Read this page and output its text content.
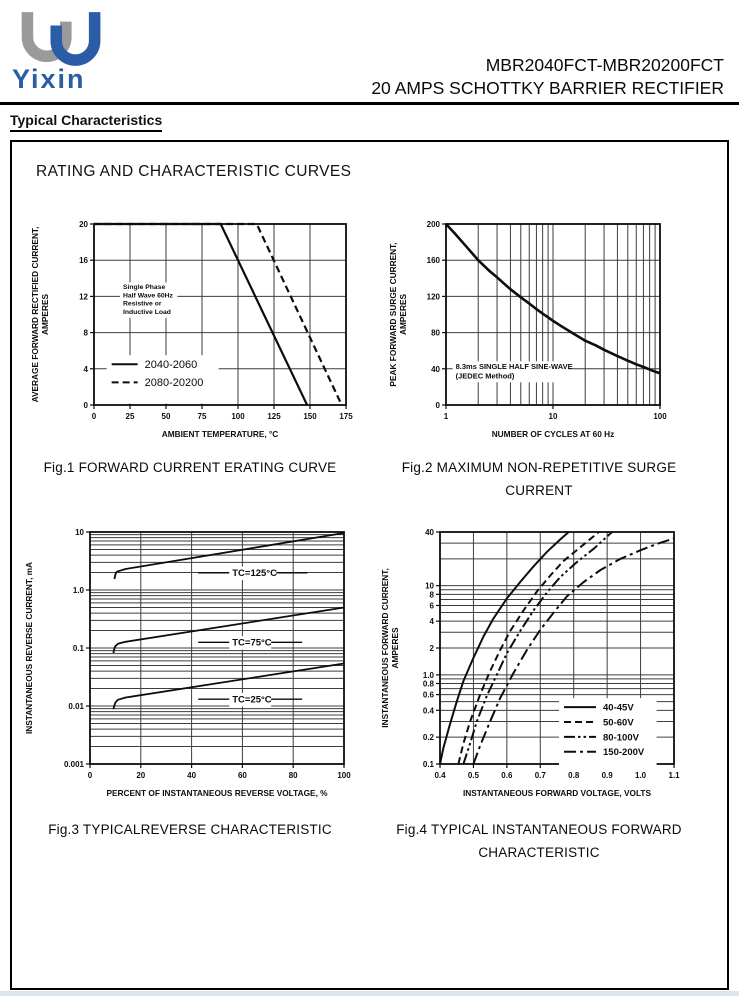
Yixin	MBR2040FCT-MBR20200FCT
20 AMPS SCHOTTKY BARRIER RECTIFIER
Typical Characteristics
RATING AND CHARACTERISTIC CURVES
0	25	50	75	100	125	150	175
0
4
8
12
16
20
AMBIENT TEMPERATURE, °C
AVERAGE FORWARD RECTIFIED CURRENT, AMPERES
Single Phase
Half Wave 60Hz
Resistive or
Inductive Load
2040-2060
2080-20200
1	10	100
0
40
80
120
160
200
NUMBER OF CYCLES AT 60 Hz
PEAK FORWARD SURGE CURRENT, AMPERES
8.3ms SINGLE HALF SINE-WAVE
(JEDEC Method)
0	20	40	60	80	100
10
1.0
0.1
0.01
0.001
PERCENT OF INSTANTANEOUS REVERSE VOLTAGE, %
INSTANTANEOUS REVERSE CURRENT, mA	TC=125°C
TC=75°C
TC=25°C
0.4	0.5	0.6	0.7	0.8	0.9	1.0	1.1
40
10
8
6
4
2
1.0
0.8
0.6
0.4
0.2
0.1
INSTANTANEOUS FORWARD VOLTAGE, VOLTS
INSTANTANEOUS FORWARD CURRENT, AMPERES
40-45V
50-60V
80-100V
150-200V
Fig.1 FORWARD CURRENT ERATING CURVE	Fig.2 MAXIMUM NON-REPETITIVE SURGE
CURRENT
Fig.3 TYPICALREVERSE CHARACTERISTIC	Fig.4 TYPICAL INSTANTANEOUS FORWARD
CHARACTERISTIC
